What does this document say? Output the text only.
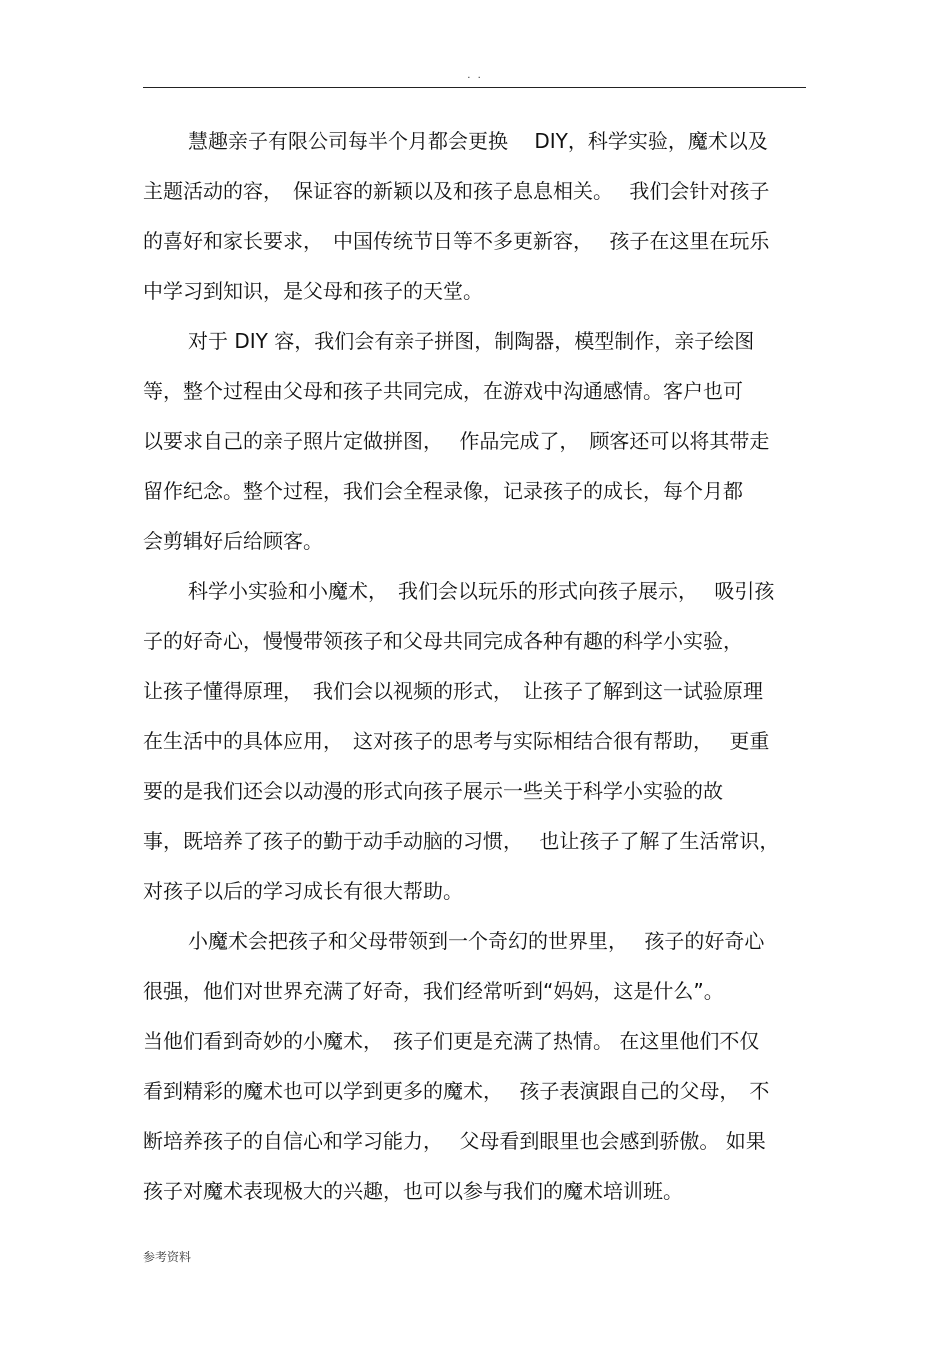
. .
慧趣亲子有限公司每半个月都会更换　 DIY，科学实验，魔术以及
主题活动的容，　保证容的新颖以及和孩子息息相关。　 我们会针对孩子
的喜好和家长要求，　中国传统节日等不多更新容，　 孩子在这里在玩乐
中学习到知识，是父母和孩子的天堂。
对于 DIY 容，我们会有亲子拼图，制陶器，模型制作，亲子绘图
等，整个过程由父母和孩子共同完成，在游戏中沟通感情。客户也可
以要求自己的亲子照片定做拼图，　 作品完成了，　顾客还可以将其带走
留作纪念。整个过程，我们会全程录像，记录孩子的成长，每个月都
会剪辑好后给顾客。
科学小实验和小魔术，　我们会以玩乐的形式向孩子展示，　 吸引孩
子的好奇心，慢慢带领孩子和父母共同完成各种有趣的科学小实验，
让孩子懂得原理，　我们会以视频的形式，　让孩子了解到这一试验原理
在生活中的具体应用，　这对孩子的思考与实际相结合很有帮助，　 更重
要的是我们还会以动漫的形式向孩子展示一些关于科学小实验的故
事，既培养了孩子的勤于动手动脑的习惯，　 也让孩子了解了生活常识，
对孩子以后的学习成长有很大帮助。
小魔术会把孩子和父母带领到一个奇幻的世界里，　 孩子的好奇心
很强，他们对世界充满了好奇，我们经常听到“妈妈，这是什么”。
当他们看到奇妙的小魔术，　孩子们更是充满了热情。 在这里他们不仅
看到精彩的魔术也可以学到更多的魔术，　 孩子表演跟自己的父母，　不
断培养孩子的自信心和学习能力，　 父母看到眼里也会感到骄傲。 如果
孩子对魔术表现极大的兴趣，也可以参与我们的魔术培训班。
参考资料
